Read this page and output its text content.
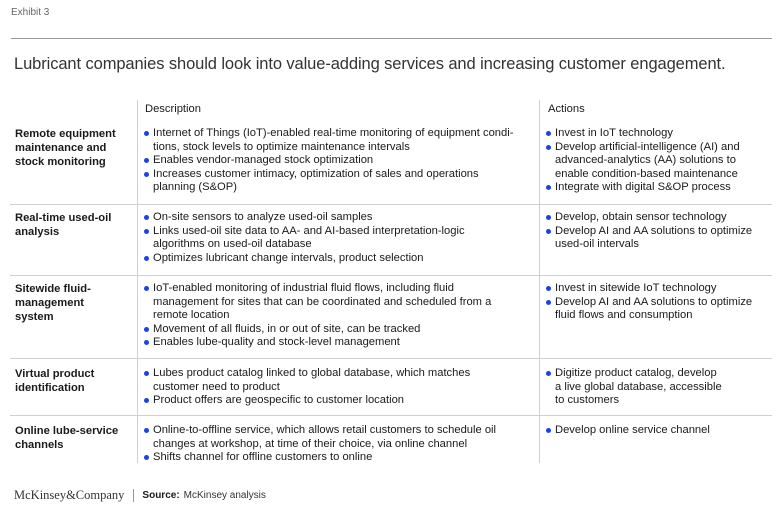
Exhibit 3
Lubricant companies should look into value-adding services and increasing customer engagement.
Description	Actions
Remote equipment
maintenance and
stock monitoring
Internet of Things (IoT)-enabled real-time monitoring of equipment condi-
tions, stock levels to optimize maintenance intervals
Enables vendor-managed stock optimization
Increases customer intimacy, optimization of sales and operations
planning (S&OP)
Invest in IoT technology
Develop artificial-intelligence (AI) and
advanced-analytics (AA) solutions to
enable condition-based maintenance
Integrate with digital S&OP process
Real-time used-oil
analysis
On-site sensors to analyze used-oil samples
Links used-oil site data to AA- and AI-based interpretation-logic
algorithms on used-oil database
Optimizes lubricant change intervals, product selection
Develop, obtain sensor technology
Develop AI and AA solutions to optimize
used-oil intervals
Sitewide fluid-
management
system
IoT-enabled monitoring of industrial fluid flows, including fluid
management for sites that can be coordinated and scheduled from a
remote location
Movement of all fluids, in or out of site, can be tracked
Enables lube-quality and stock-level management
Invest in sitewide IoT technology
Develop AI and AA solutions to optimize
fluid flows and consumption
Virtual product
identification
Lubes product catalog linked to global database, which matches
customer need to product
Product offers are geospecific to customer location
Digitize product catalog, develop
a live global database, accessible
to customers
Online lube-service
channels
Online-to-offline service, which allows retail customers to schedule oil
changes at workshop, at time of their choice, via online channel
Shifts channel for offline customers to online
Develop online service channel
McKinsey&Company Source: McKinsey analysis
